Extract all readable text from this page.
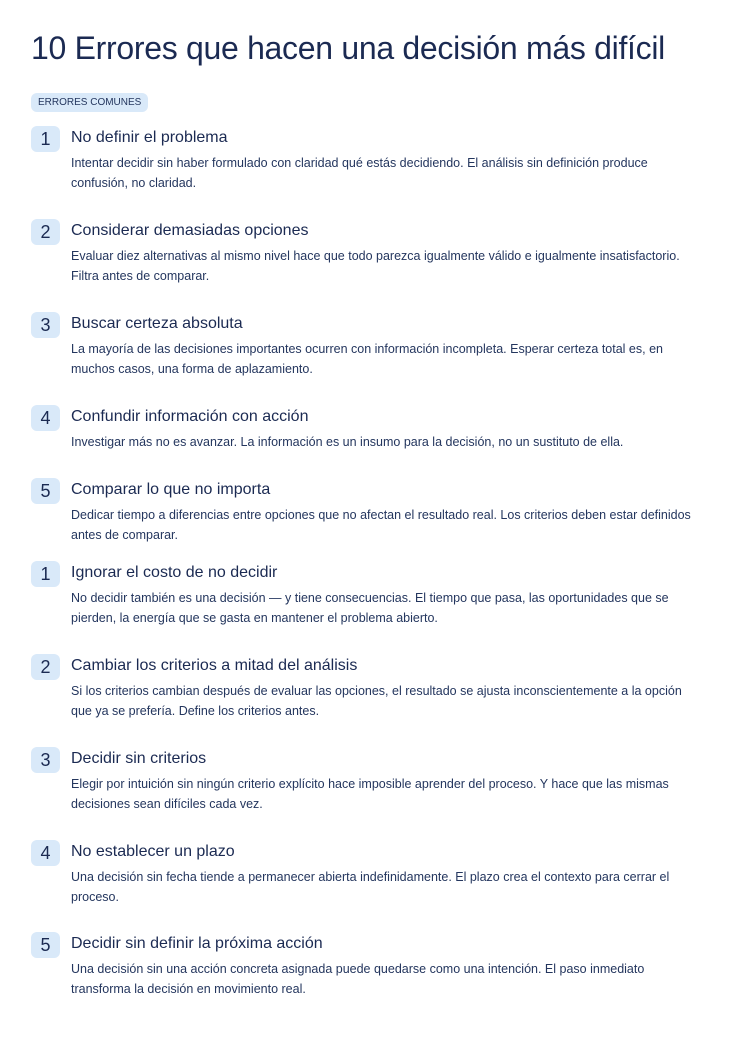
10 Errores que hacen una decisión más difícil
ERRORES COMUNES
1	No definir el problema

Intentar decidir sin haber formulado con claridad qué estás decidiendo. El análisis sin definición produce confusión, no claridad.

2	Considerar demasiadas opciones

Evaluar diez alternativas al mismo nivel hace que todo parezca igualmente válido e igualmente insatisfactorio. Filtra antes de comparar.

3	Buscar certeza absoluta

La mayoría de las decisiones importantes ocurren con información incompleta. Esperar certeza total es, en muchos casos, una forma de aplazamiento.

4	Confundir información con acción

Investigar más no es avanzar. La información es un insumo para la decisión, no un sustituto de ella.

5	Comparar lo que no importa

Dedicar tiempo a diferencias entre opciones que no afectan el resultado real. Los criterios deben estar definidos antes de comparar.

1	Ignorar el costo de no decidir

No decidir también es una decisión — y tiene consecuencias. El tiempo que pasa, las oportunidades que se pierden, la energía que se gasta en mantener el problema abierto.

2	Cambiar los criterios a mitad del análisis

Si los criterios cambian después de evaluar las opciones, el resultado se ajusta inconscientemente a la opción que ya se prefería. Define los criterios antes.

3	Decidir sin criterios

Elegir por intuición sin ningún criterio explícito hace imposible aprender del proceso. Y hace que las mismas decisiones sean difíciles cada vez.

4	No establecer un plazo

Una decisión sin fecha tiende a permanecer abierta indefinidamente. El plazo crea el contexto para cerrar el proceso.

5	Decidir sin definir la próxima acción

Una decisión sin una acción concreta asignada puede quedarse como una intención. El paso inmediato transforma la decisión en movimiento real.
